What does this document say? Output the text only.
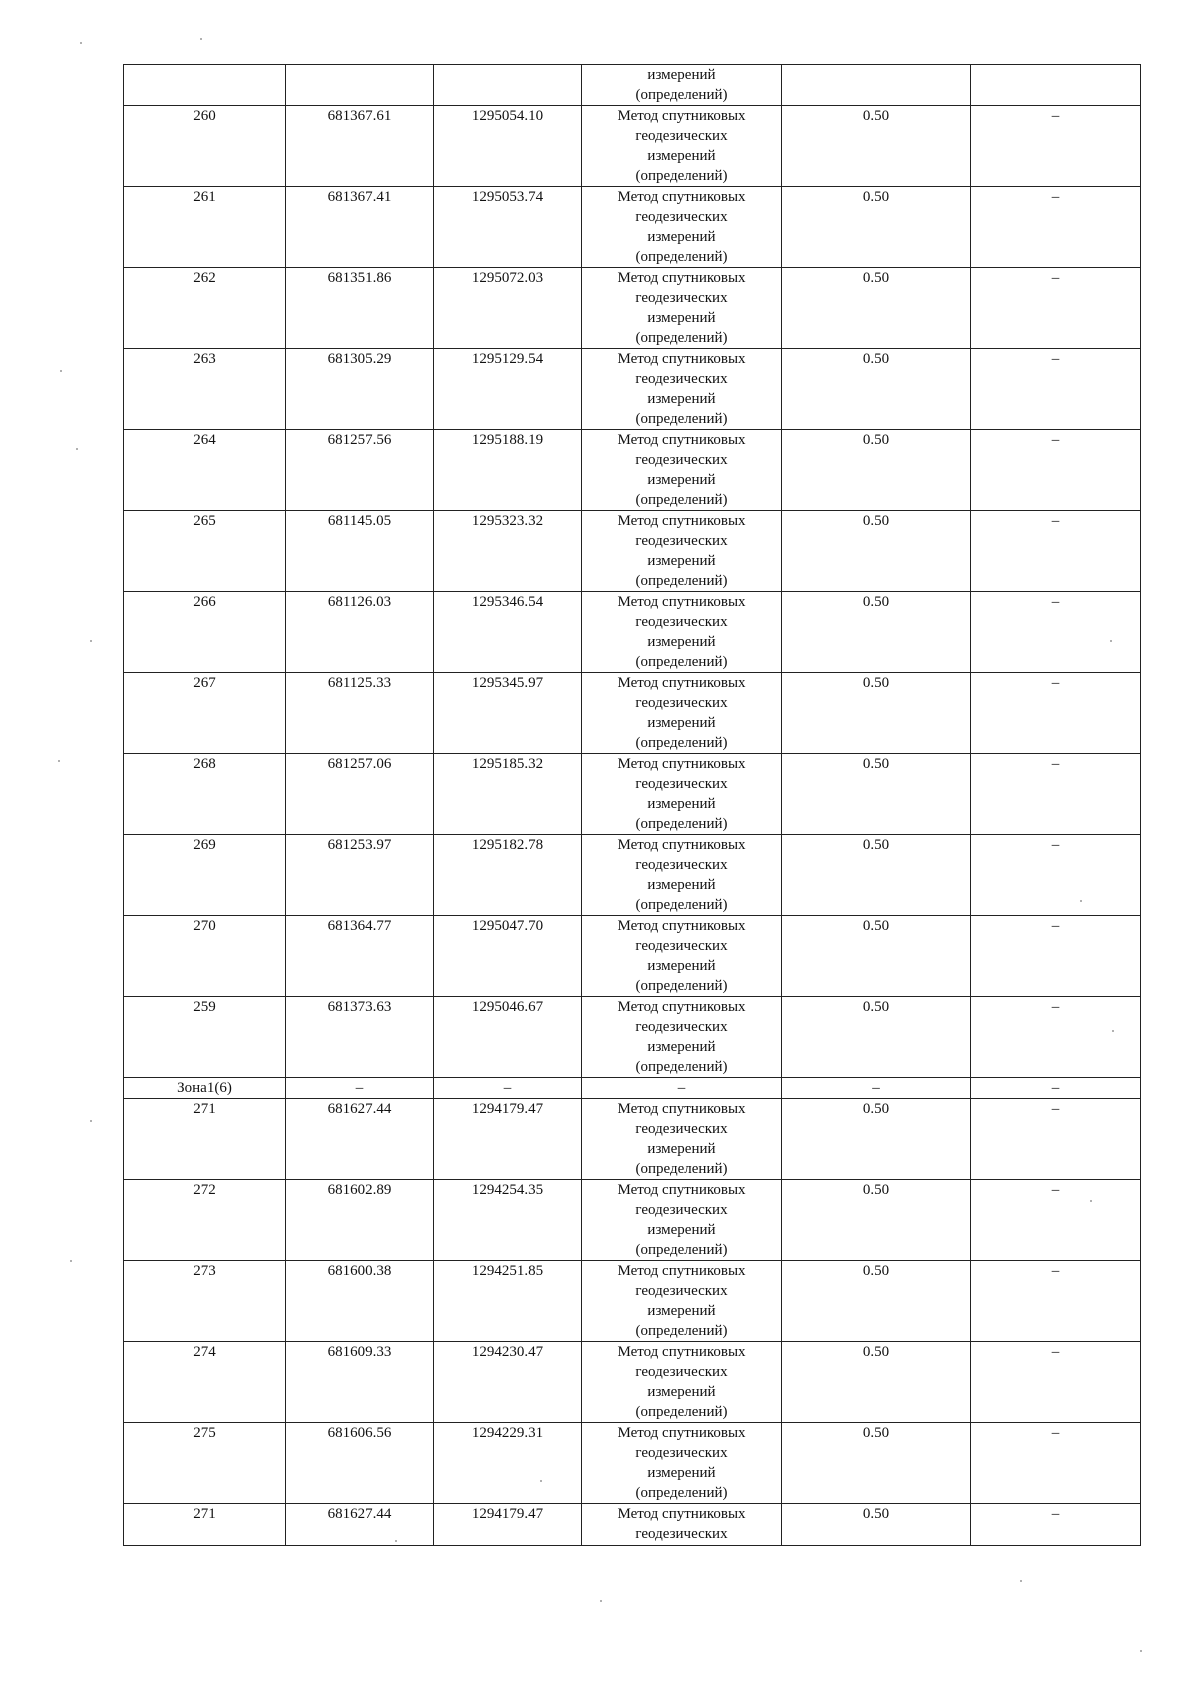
			измерений
(определений)		

260	681367.61	1295054.10	Метод спутниковых
геодезических
измерений
(определений)	0.50	–
261	681367.41	1295053.74	Метод спутниковых
геодезических
измерений
(определений)	0.50	–
262	681351.86	1295072.03	Метод спутниковых
геодезических
измерений
(определений)	0.50	–
263	681305.29	1295129.54	Метод спутниковых
геодезических
измерений
(определений)	0.50	–
264	681257.56	1295188.19	Метод спутниковых
геодезических
измерений
(определений)	0.50	–
265	681145.05	1295323.32	Метод спутниковых
геодезических
измерений
(определений)	0.50	–
266	681126.03	1295346.54	Метод спутниковых
геодезических
измерений
(определений)	0.50	–
267	681125.33	1295345.97	Метод спутниковых
геодезических
измерений
(определений)	0.50	–
268	681257.06	1295185.32	Метод спутниковых
геодезических
измерений
(определений)	0.50	–
269	681253.97	1295182.78	Метод спутниковых
геодезических
измерений
(определений)	0.50	–
270	681364.77	1295047.70	Метод спутниковых
геодезических
измерений
(определений)	0.50	–
259	681373.63	1295046.67	Метод спутниковых
геодезических
измерений
(определений)	0.50	–
Зона1(6)	–	–	–	–	–
271	681627.44	1294179.47	Метод спутниковых
геодезических
измерений
(определений)	0.50	–
272	681602.89	1294254.35	Метод спутниковых
геодезических
измерений
(определений)	0.50	–
273	681600.38	1294251.85	Метод спутниковых
геодезических
измерений
(определений)	0.50	–
274	681609.33	1294230.47	Метод спутниковых
геодезических
измерений
(определений)	0.50	–
275	681606.56	1294229.31	Метод спутниковых
геодезических
измерений
(определений)	0.50	–
271	681627.44	1294179.47	Метод спутниковых
геодезических	0.50	–
